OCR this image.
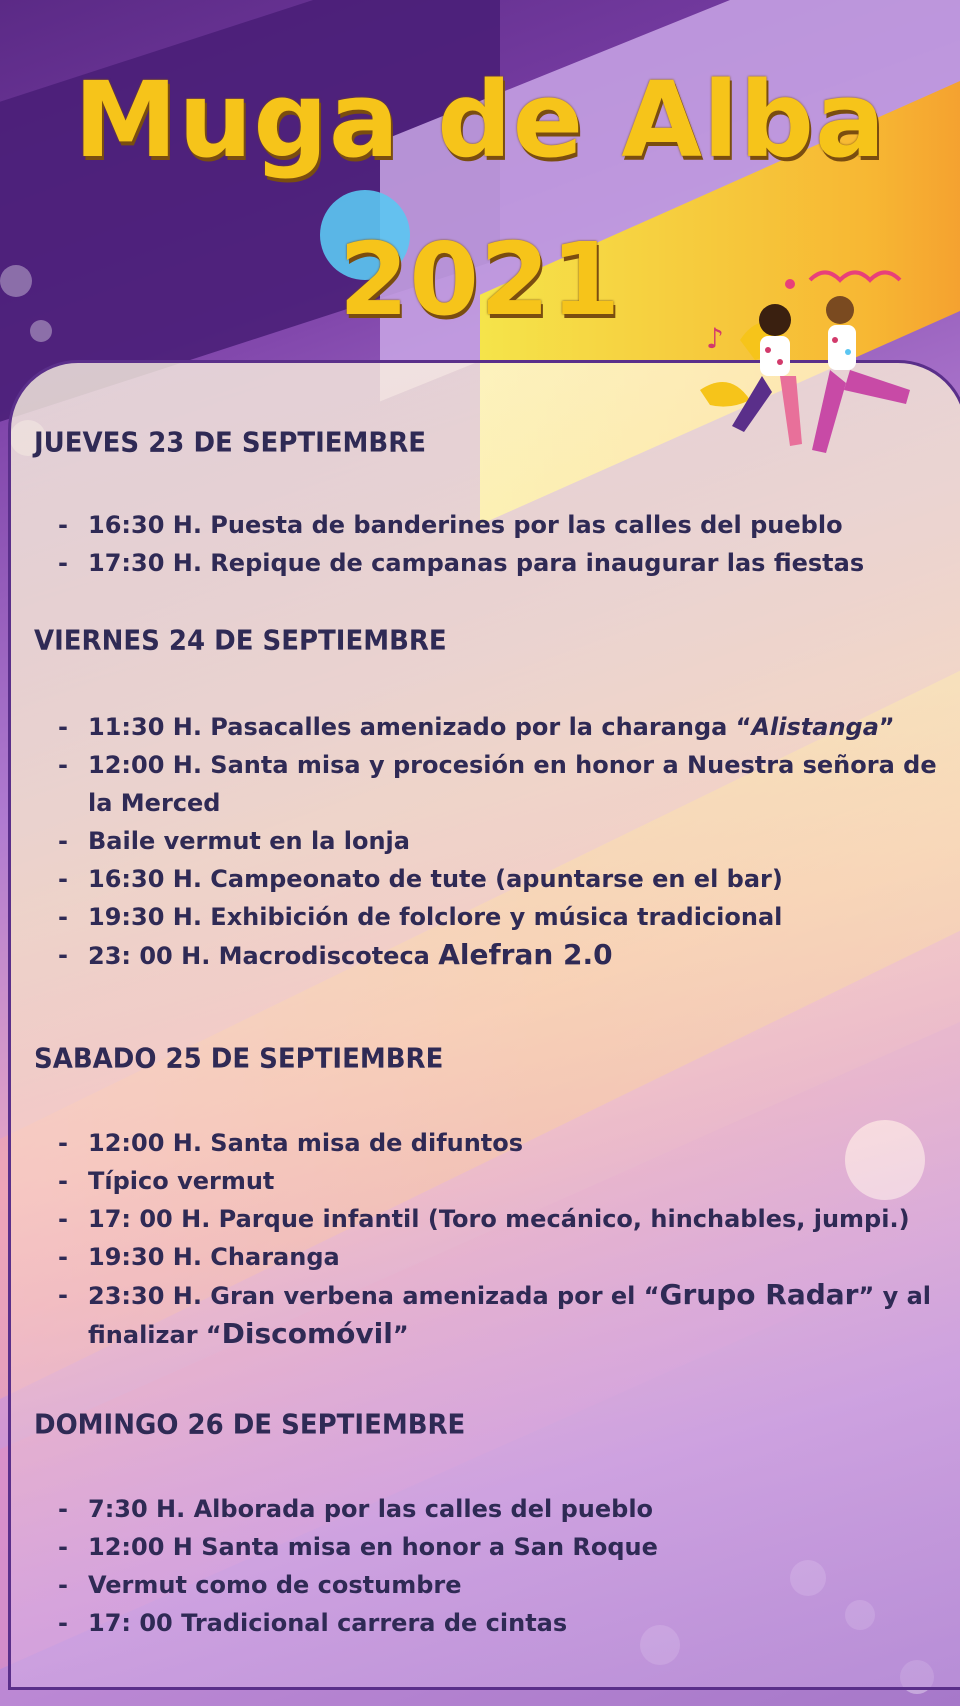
Muga de Alba
2021
♪
JUEVES 23 DE SEPTIEMBRE
- 16:30 H. Puesta de banderines por las calles del pueblo
- 17:30 H. Repique de campanas para inaugurar las fiestas
VIERNES 24 DE SEPTIEMBRE
- 11:30 H. Pasacalles amenizado por la charanga “Alistanga”
- 12:00 H. Santa misa y procesión en honor a Nuestra señora de la Merced
- Baile vermut en la lonja
- 16:30 H. Campeonato de tute (apuntarse en el bar)
- 19:30 H. Exhibición de folclore y música tradicional
- 23: 00 H. Macrodiscoteca Alefran 2.0
SABADO 25 DE SEPTIEMBRE
- 12:00 H. Santa misa de difuntos
- Típico vermut
- 17: 00 H. Parque infantil (Toro mecánico, hinchables, jumpi.)
- 19:30 H. Charanga
- 23:30 H. Gran verbena amenizada por el “Grupo Radar” y al finalizar “Discomóvil”
DOMINGO 26 DE SEPTIEMBRE
- 7:30 H. Alborada por las calles del pueblo
- 12:00 H Santa misa en honor a San Roque
- Vermut como de costumbre
- 17: 00 Tradicional carrera de cintas
